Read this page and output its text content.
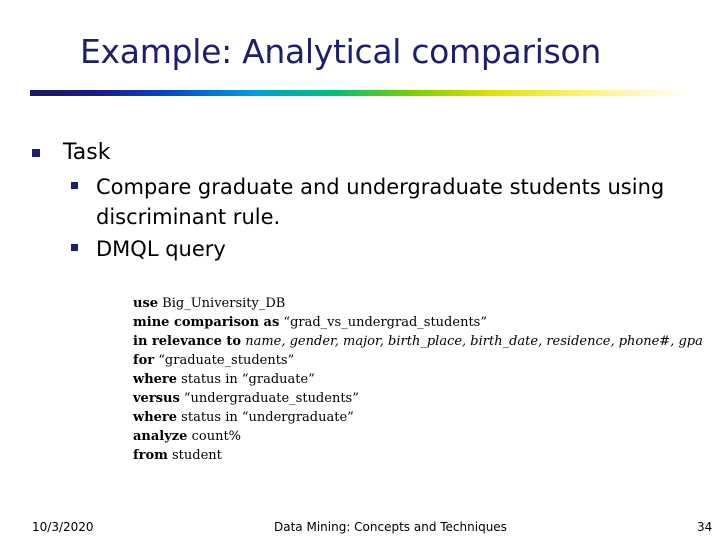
Example: Analytical comparison
Task
Compare graduate and undergraduate students using discriminant rule.
DMQL query
use Big_University_DB
mine comparison as “grad_vs_undergrad_students”
in relevance to name, gender, major, birth_place, birth_date, residence, phone#, gpa
for “graduate_students”
where status in “graduate”
versus “undergraduate_students”
where status in “undergraduate”
analyze count%
from student
10/3/2020	Data Mining: Concepts and Techniques	34
